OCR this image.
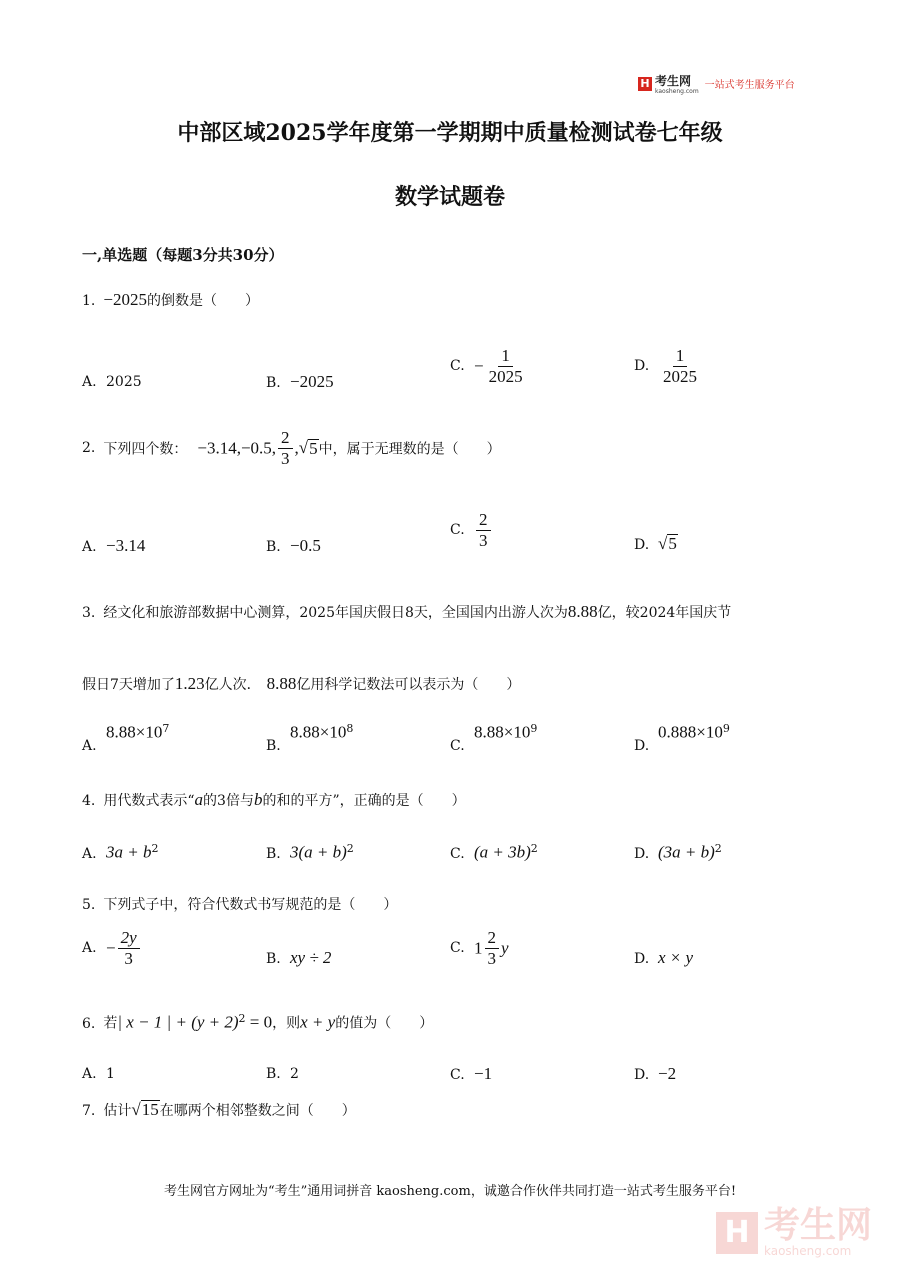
H 考生网
kaosheng.com
一站式考生服务平台
中部区域2025学年度第一学期期中质量检测试卷七年级
数学试题卷
一,单选题（每题3分共30分）
1. −2025的倒数是（　　）
A. 2025	B. −2025
C. − $\frac{1}{2025}$	D. $\frac{1}{2025}$
2. 下列四个数： −3.14,−0.5, $\frac{2}{3}$ , √ 5 中，属于无理数的是（　　）
A. −3.14	B. −0.5
C. $\frac{2}{3}$	D. √ 5
3. 经文化和旅游部数据中心测算，2025年国庆假日8天，全国国内出游人次为8.88亿，较2024年国庆节
假日7天增加了1.23亿人次． 8.88亿用科学记数法可以表示为（　　）
$A.8.88\times 10^7$
$B.8.88\times 10^8$
$C.8.88\times 10^9$
$D.0.888\times 10^9$
4. 用代数式表示“a的3倍与b的和的平方”，正确的是（　　）
A. $3a + b^2$	B. $3(a + b)^2$	C. $(a + 3b)^2$	D. $(3a + b)^2$
5. 下列式子中，符合代数式书写规范的是（　　）
A. − $\frac{2y}{3}$	B. xy ÷ 2	C. $1 \frac{2}{3}$ y
D. x × y
6. 若| x − 1 | + $(y + 2)^2 = 0$，则x + y的值为（　　）
A. 1	B. 2	C. −1	D. −2
7. 估计 √ 15 在哪两个相邻整数之间（　　）
考生网官方网址为“考生”通用词拼音 kaosheng.com，诚邀合作伙伴共同打造一站式考生服务平台!
H 考生网
kaosheng.com
